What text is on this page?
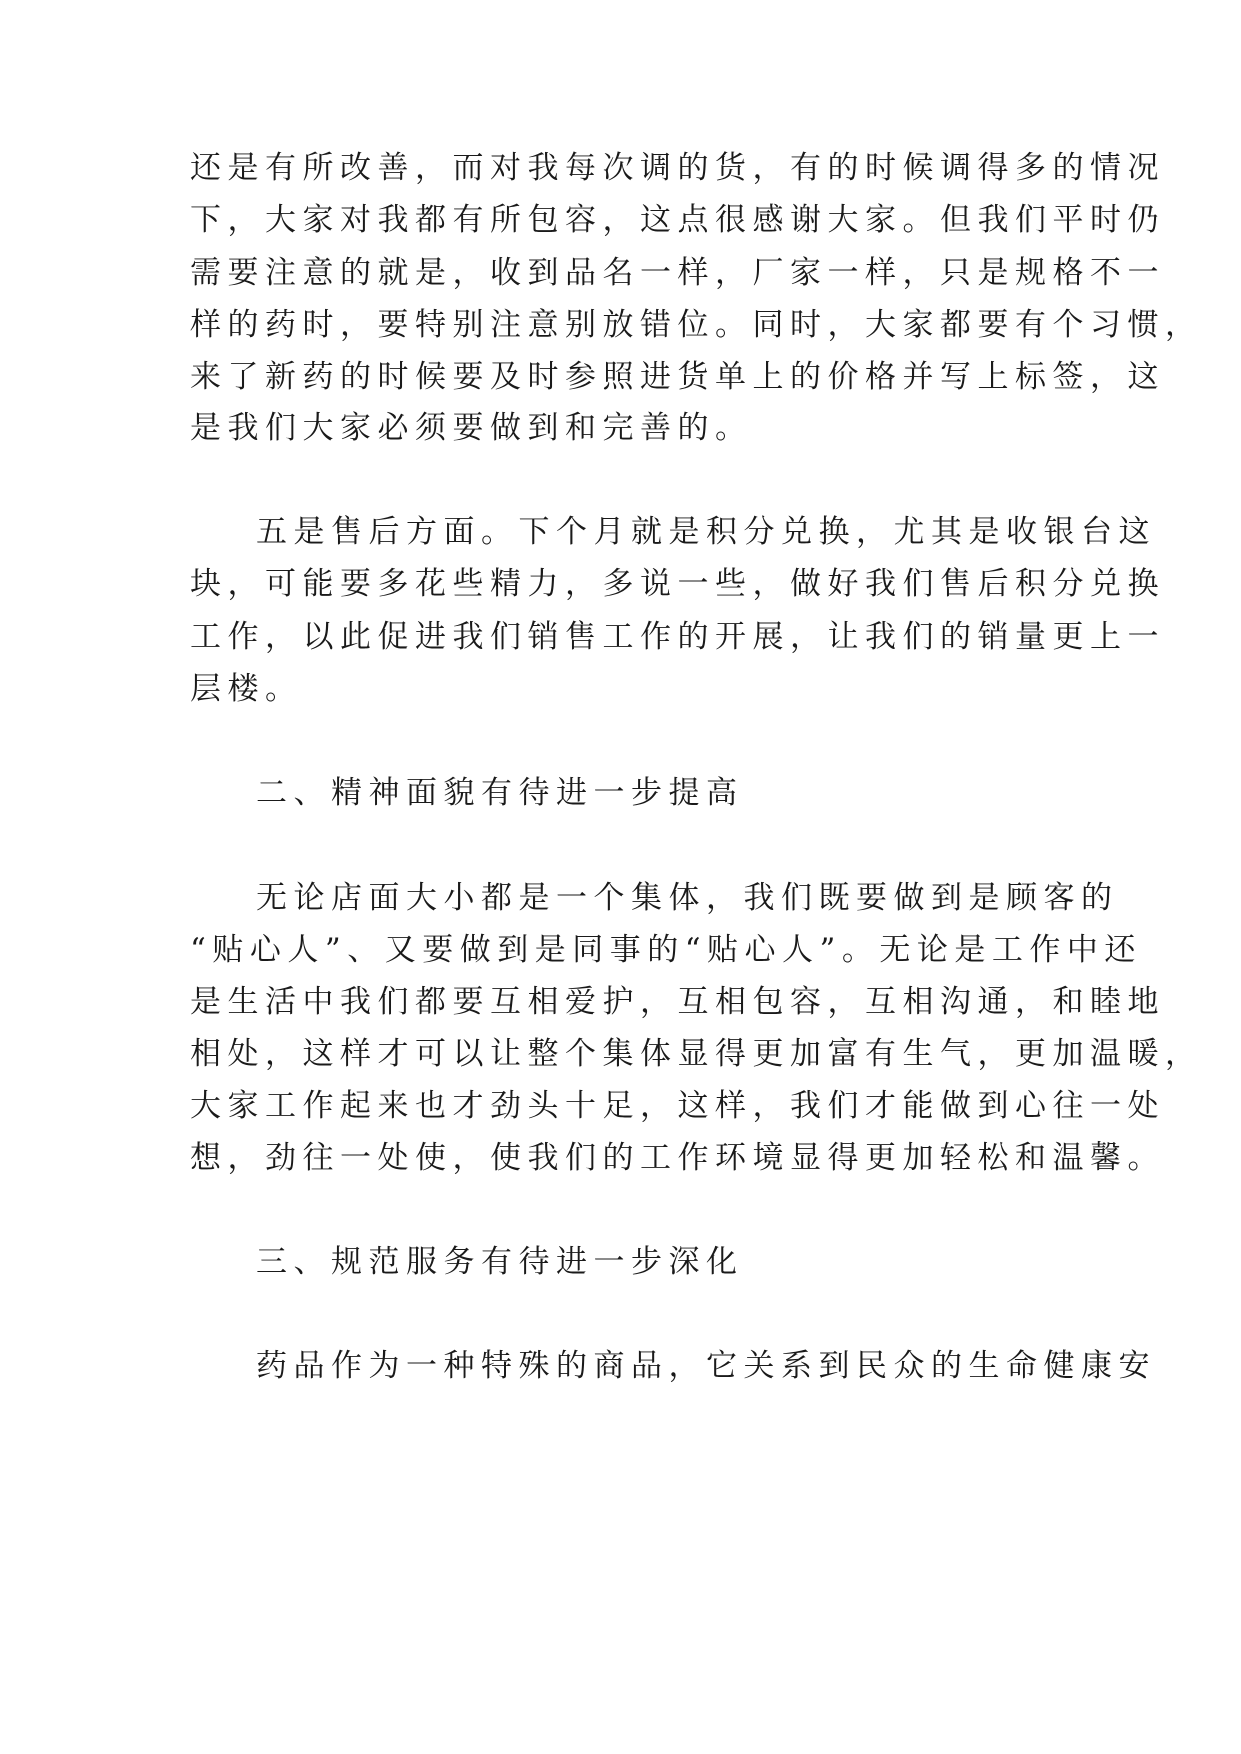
还是有所改善，而对我每次调的货，有的时候调得多的情况
下，大家对我都有所包容，这点很感谢大家。但我们平时仍
需要注意的就是，收到品名一样，厂家一样，只是规格不一
样的药时，要特别注意别放错位。同时，大家都要有个习惯，
来了新药的时候要及时参照进货单上的价格并写上标签，这
是我们大家必须要做到和完善的。
五是售后方面。下个月就是积分兑换，尤其是收银台这
块，可能要多花些精力，多说一些，做好我们售后积分兑换
工作，以此促进我们销售工作的开展，让我们的销量更上一
层楼。
二、精神面貌有待进一步提高
无论店面大小都是一个集体，我们既要做到是顾客的
“贴心人”、又要做到是同事的“贴心人”。无论是工作中还
是生活中我们都要互相爱护，互相包容，互相沟通，和睦地
相处，这样才可以让整个集体显得更加富有生气，更加温暖，
大家工作起来也才劲头十足，这样，我们才能做到心往一处
想，劲往一处使，使我们的工作环境显得更加轻松和温馨。
三、规范服务有待进一步深化
药品作为一种特殊的商品，它关系到民众的生命健康安
